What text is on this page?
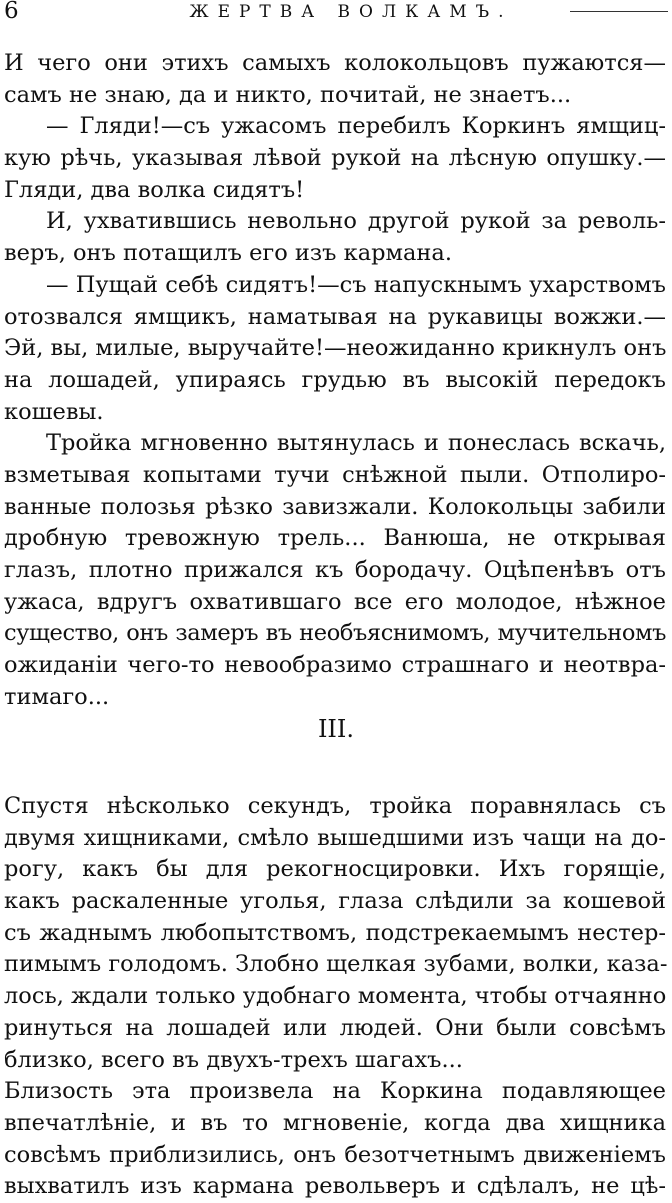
6	ЖЕРТВА ВОЛКАМЪ.
И чего они этихъ самыхъ колокольцовъ пужаются—
самъ не знаю, да и никто, почитай, не знаетъ...
— Гляди!—съ ужасомъ перебилъ Коркинъ ямщиц-
кую рѣчь, указывая лѣвой рукой на лѣсную опушку.—
Гляди, два волка сидятъ!
И, ухватившись невольно другой рукой за револь-
веръ, онъ потащилъ его изъ кармана.
— Пущай себѣ сидятъ!—съ напускнымъ ухарствомъ
отозвался ямщикъ, наматывая на рукавицы вожжи.—
Эй, вы, милые, выручайте!—неожиданно крикнулъ онъ
на лошадей, упираясь грудью въ высокій передокъ
кошевы.
Тройка мгновенно вытянулась и понеслась вскачь,
взметывая копытами тучи снѣжной пыли. Отполиро-
ванные полозья рѣзко завизжали. Колокольцы забили
дробную тревожную трель... Ванюша, не открывая
глазъ, плотно прижался къ бородачу. Оцѣпенѣвъ отъ
ужаса, вдругъ охватившаго все его молодое, нѣжное
существо, онъ замеръ въ необъяснимомъ, мучительномъ
ожиданіи чего-то невообразимо страшнаго и неотвра-
тимаго...
III.
Спустя нѣсколько секундъ, тройка поравнялась съ
двумя хищниками, смѣло вышедшими изъ чащи на до-
рогу, какъ бы для рекогносцировки. Ихъ горящіе,
какъ раскаленные уголья, глаза слѣдили за кошевой
съ жаднымъ любопытствомъ, подстрекаемымъ нестер-
пимымъ голодомъ. Злобно щелкая зубами, волки, каза-
лось, ждали только удобнаго момента, чтобы отчаянно
ринуться на лошадей или людей. Они были совсѣмъ
близко, всего въ двухъ-трехъ шагахъ...
Близость эта произвела на Коркина подавляющее
впечатлѣніе, и въ то мгновеніе, когда два хищника
совсѣмъ приблизились, онъ безотчетнымъ движеніемъ
выхватилъ изъ кармана револьверъ и сдѣлалъ, не цѣ-
